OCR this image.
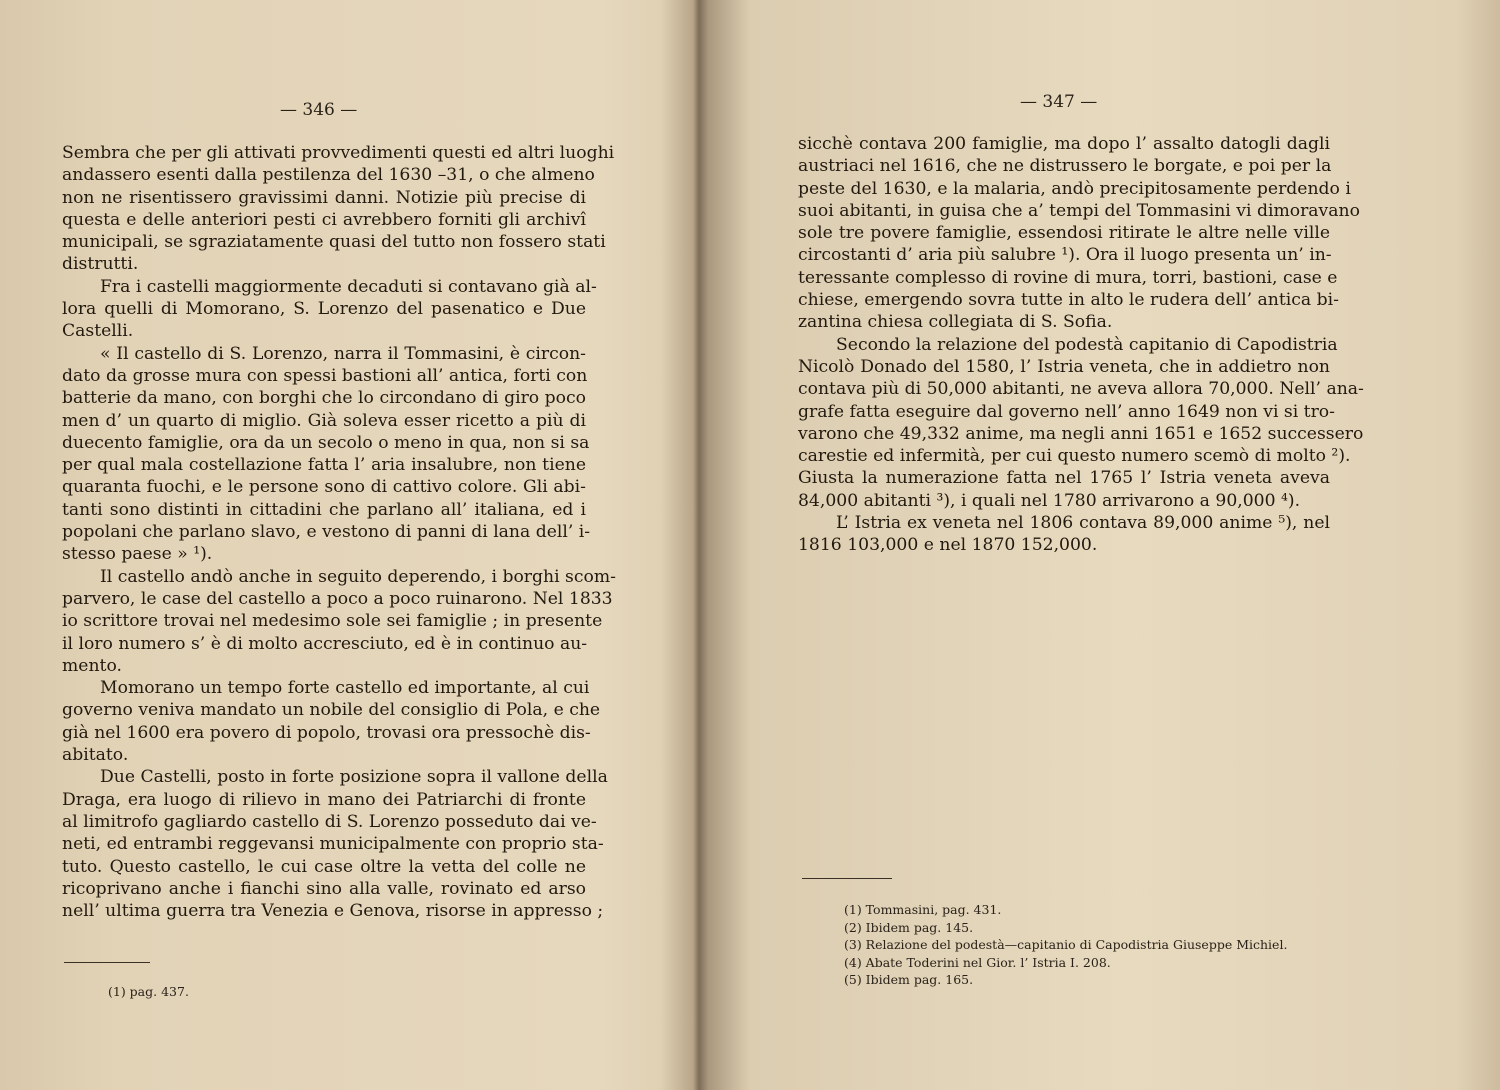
— 346 —
Sembra che per gli attivati provvedimenti questi ed altri luoghi
andassero esenti dalla pestilenza del 1630 –31, o che almeno
non ne risentissero gravissimi danni. Notizie più precise di
questa e delle anteriori pesti ci avrebbero forniti gli archivî
municipali, se sgraziatamente quasi del tutto non fossero stati
distrutti.
Fra i castelli maggiormente decaduti si contavano già al-
lora quelli di Momorano, S. Lorenzo del pasenatico e Due
Castelli.
« Il castello di S. Lorenzo, narra il Tommasini, è circon-
dato da grosse mura con spessi bastioni all’ antica, forti con
batterie da mano, con borghi che lo circondano di giro poco
men d’ un quarto di miglio. Già soleva esser ricetto a più di
duecento famiglie, ora da un secolo o meno in qua, non si sa
per qual mala costellazione fatta l’ aria insalubre, non tiene
quaranta fuochi, e le persone sono di cattivo colore. Gli abi-
tanti sono distinti in cittadini che parlano all’ italiana, ed i
popolani che parlano slavo, e vestono di panni di lana dell’ i-
stesso paese » ¹).
Il castello andò anche in seguito deperendo, i borghi scom-
parvero, le case del castello a poco a poco ruinarono. Nel 1833
io scrittore trovai nel medesimo sole sei famiglie ; in presente
il loro numero s’ è di molto accresciuto, ed è in continuo au-
mento.
Momorano un tempo forte castello ed importante, al cui
governo veniva mandato un nobile del consiglio di Pola, e che
già nel 1600 era povero di popolo, trovasi ora pressochè dis-
abitato.
Due Castelli, posto in forte posizione sopra il vallone della
Draga, era luogo di rilievo in mano dei Patriarchi di fronte
al limitrofo gagliardo castello di S. Lorenzo posseduto dai ve-
neti, ed entrambi reggevansi municipalmente con proprio sta-
tuto. Questo castello, le cui case oltre la vetta del colle ne
ricoprivano anche i fianchi sino alla valle, rovinato ed arso
nell’ ultima guerra tra Venezia e Genova, risorse in appresso ;
(1) pag. 437.
— 347 —
sicchè contava 200 famiglie, ma dopo l’ assalto datogli dagli
austriaci nel 1616, che ne distrussero le borgate, e poi per la
peste del 1630, e la malaria, andò precipitosamente perdendo i
suoi abitanti, in guisa che a’ tempi del Tommasini vi dimoravano
sole tre povere famiglie, essendosi ritirate le altre nelle ville
circostanti d’ aria più salubre ¹). Ora il luogo presenta un’ in-
teressante complesso di rovine di mura, torri, bastioni, case e
chiese, emergendo sovra tutte in alto le rudera dell’ antica bi-
zantina chiesa collegiata di S. Sofia.
Secondo la relazione del podestà capitanio di Capodistria
Nicolò Donado del 1580, l’ Istria veneta, che in addietro non
contava più di 50,000 abitanti, ne aveva allora 70,000. Nell’ ana-
grafe fatta eseguire dal governo nell’ anno 1649 non vi si tro-
varono che 49,332 anime, ma negli anni 1651 e 1652 successero
carestie ed infermità, per cui questo numero scemò di molto ²).
Giusta la numerazione fatta nel 1765 l’ Istria veneta aveva
84,000 abitanti ³), i quali nel 1780 arrivarono a 90,000 ⁴).
L’ Istria ex veneta nel 1806 contava 89,000 anime ⁵), nel
1816 103,000 e nel 1870 152,000.
(1) Tommasini, pag. 431.
(2) Ibidem pag. 145.
(3) Relazione del podestà—capitanio di Capodistria Giuseppe Michiel.
(4) Abate Toderini nel Gior. l’ Istria I. 208.
(5) Ibidem pag. 165.
